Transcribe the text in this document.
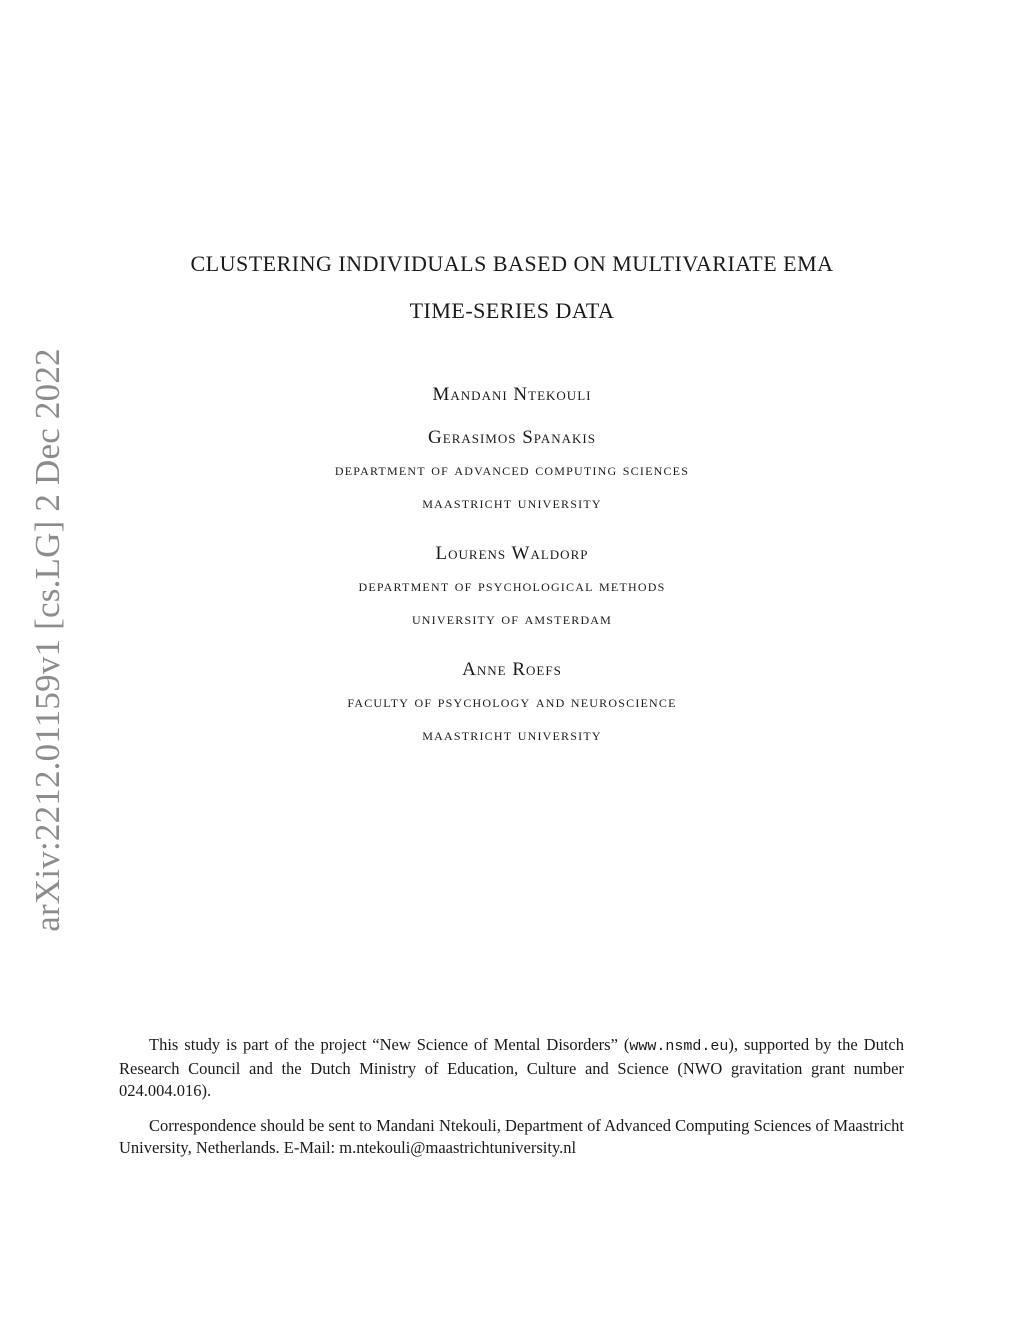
arXiv:2212.01159v1 [cs.LG] 2 Dec 2022
CLUSTERING INDIVIDUALS BASED ON MULTIVARIATE EMA
TIME-SERIES DATA
Mandani Ntekouli
Gerasimos Spanakis
department of advanced computing sciences
maastricht university
Lourens Waldorp
department of psychological methods
university of amsterdam
Anne Roefs
faculty of psychology and neuroscience
maastricht university
This study is part of the project “New Science of Mental Disorders” (www.nsmd.eu), supported by the Dutch Research Council and the Dutch Ministry of Education, Culture and Science (NWO gravitation grant number 024.004.016).
Correspondence should be sent to Mandani Ntekouli, Department of Advanced Computing Sciences of Maastricht University, Netherlands. E-Mail: m.ntekouli@maastrichtuniversity.nl
